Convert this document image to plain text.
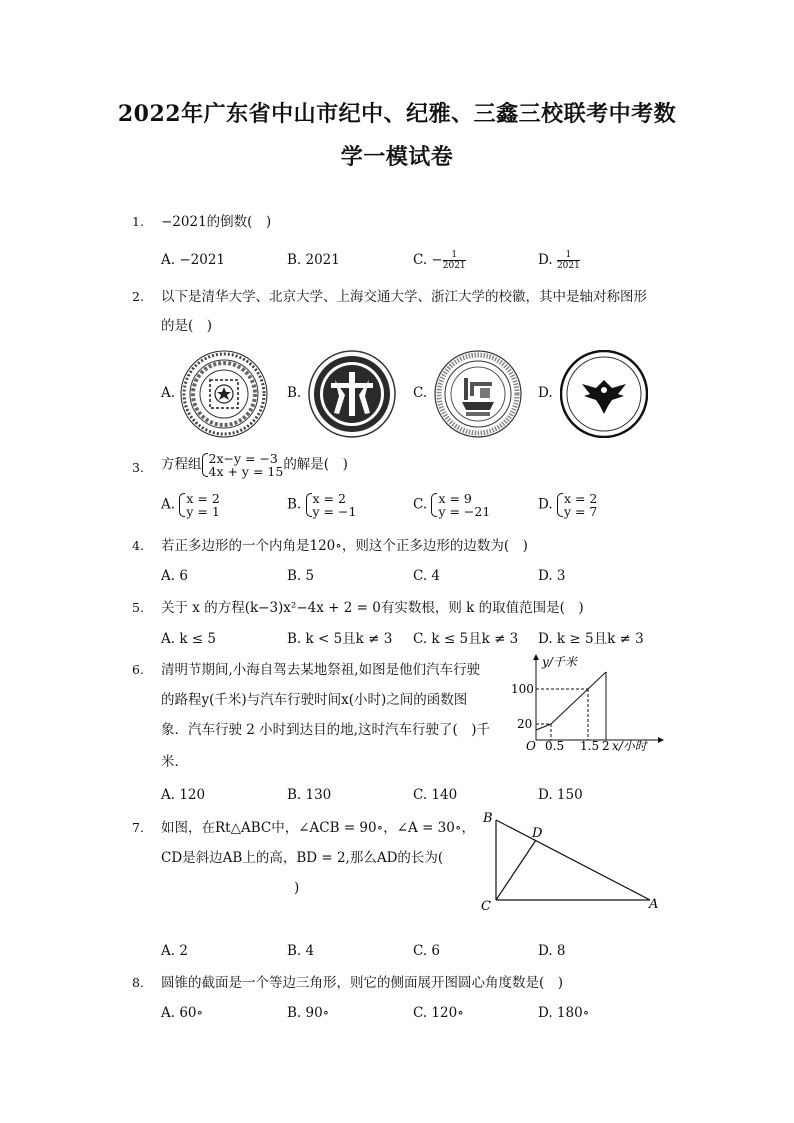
2022年广东省中山市纪中、纪雅、三鑫三校联考中考数
学一模试卷
1. −2021的倒数(　)
A. −2021	B. 2021	C. − $\frac{1}{2021}$	D. $\frac{1}{2021}$
2. 以下是清华大学、北京大学、上海交通大学、浙江大学的校徽，其中是轴对称图形
的是(　)
A.	B.	C.	D.
3. 方程组 2x−y = −3
4x + y = 15 的解是(　)
A. x = 2
y = 1	B. x = 2
y = −1	C. x = 9
y = −21	D. x = 2
y = 7
4. 若正多边形的一个内角是120∘，则这个正多边形的边数为(　)
A. 6	B. 5	C. 4	D. 3
5. 关于 x 的方程(k−3)x²−4x + 2 = 0有实数根，则 k 的取值范围是(　)
A. k ≤ 5	B. k < 5且k ≠ 3 C. k ≤ 5且k ≠ 3 D. k ≥ 5且k ≠ 3
6. 清明节期间,小海自驾去某地祭祖,如图是他们汽车行驶
的路程y(千米)与汽车行驶时间x(小时)之间的函数图
象．汽车行驶 2 小时到达目的地,这时汽车行驶了(　)千
米．
y/千米
100
20
O 0.5 1.5 2 x/小时
A. 120	B. 130	C. 140	D. 150
7. 如图，在Rt△ABC中，∠ACB = 90∘，∠A = 30∘，
CD是斜边AB上的高，BD = 2,那么AD的长为(
)
B
D
C	A
A. 2	B. 4	C. 6	D. 8
8. 圆锥的截面是一个等边三角形，则它的侧面展开图圆心角度数是(　)
A. 60∘	B. 90∘	C. 120∘	D. 180∘
